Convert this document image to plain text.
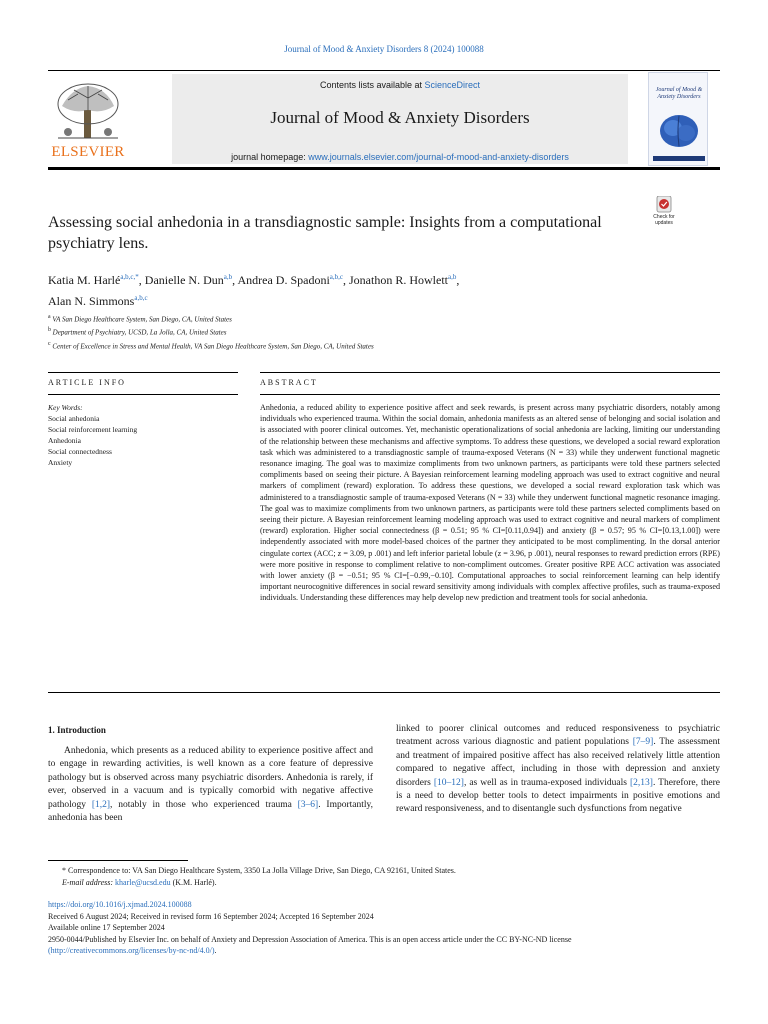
Journal of Mood & Anxiety Disorders 8 (2024) 100088
ELSEVIER
Contents lists available at ScienceDirect
Journal of Mood & Anxiety Disorders
journal homepage: www.journals.elsevier.com/journal-of-mood-and-anxiety-disorders
Journal of Mood & Anxiety Disorders
Assessing social anhedonia in a transdiagnostic sample: Insights from a computational psychiatry lens.
Check for updates
Katia M. Harlé$^{a,b,c,*}$, Danielle N. Dun$^{a,b}$, Andrea D. Spadoni$^{a,b,c}$, Jonathon R. Howlett$^{a,b}$,
Alan N. Simmons$^{a,b,c}$
$^a$ VA San Diego Healthcare System, San Diego, CA, United States
$^b$ Department of Psychiatry, UCSD, La Jolla, CA, United States
$^c$ Center of Excellence in Stress and Mental Health, VA San Diego Healthcare System, San Diego, CA, United States
ARTICLE INFO	ABSTRACT
Key Words:
Social anhedonia
Social reinforcement learning
Anhedonia
Social connectedness
Anxiety
Anhedonia, a reduced ability to experience positive affect and seek rewards, is present across many psychiatric disorders, notably among individuals who experienced trauma. Within the social domain, anhedonia manifests as an altered sense of belonging and social isolation and is associated with poorer clinical outcomes. Yet, mechanistic operationalizations of social anhedonia are lacking, limiting our understanding of the relationship between these mechanisms and affective symptoms. To address these questions, we developed a social reward exploration task which was administered to a transdiagnostic sample of trauma-exposed Veterans (N = 33) while they underwent functional magnetic resonance imaging. The goal was to maximize compliments from two unknown partners, as participants were told these partners selected compliments based on seeing their picture. A Bayesian reinforcement learning modeling approach was used to extract cognitive and neural markers of compliment (reward) exploration. To address these questions, we developed a social reward exploration task which was administered to a transdiagnostic sample of trauma-exposed Veterans (N = 33) while they underwent functional magnetic resonance imaging. The goal was to maximize compliments from two unknown partners, as participants were told these partners selected compliments based on seeing their picture. A Bayesian reinforcement learning modeling approach was used to extract cognitive and neural markers of compliment (reward) exploration. Higher social connectedness (β = 0.51; 95 % CI=[0.11,0.94]) and anxiety (β = 0.57; 95 % CI=[0.13,1.00]) were independently associated with more model-based choices of the partner they anticipated to be most complimenting. In the dorsal anterior cingulate cortex (ACC; z = 3.09, p .001) and left inferior parietal lobule (z = 3.96, p .001), neural responses to reward prediction errors (RPE) were more positive in response to compliment relative to non-compliment outcomes. Greater positive RPE ACC activation was associated with lower anxiety (β = −0.51; 95 % CI=[−0.99,−0.10]. Computational approaches to social reinforcement learning can help identify important neurocognitive differences in social reward sensitivity among individuals with complex affective profiles, such as trauma-exposed individuals. Understanding these differences may help develop new prediction and treatment tools for social anhedonia.
1. Introduction
Anhedonia, which presents as a reduced ability to experience positive affect and to engage in rewarding activities, is well known as a core feature of depressive pathology but is observed across many psychiatric disorders. Anhedonia is rarely, if ever, observed in a vacuum and is typically comorbid with negative affective pathology [1,2], notably in those who experienced trauma [3–6]. Importantly, anhedonia has been
linked to poorer clinical outcomes and reduced responsiveness to psychiatric treatment across various diagnostic and patient populations [7–9]. The assessment and treatment of impaired positive affect has also received relatively little attention compared to negative affect, including in those with depression and anxiety disorders [10–12], as well as in trauma-exposed individuals [2,13]. Therefore, there is a need to develop better tools to detect impairments in positive emotions and reward responsiveness, and to disentangle such dysfunctions from negative
* Correspondence to: VA San Diego Healthcare System, 3350 La Jolla Village Drive, San Diego, CA 92161, United States.
E-mail address: kharle@ucsd.edu (K.M. Harlé).
https://doi.org/10.1016/j.xjmad.2024.100088
Received 6 August 2024; Received in revised form 16 September 2024; Accepted 16 September 2024
Available online 17 September 2024
2950-0044/Published by Elsevier Inc. on behalf of Anxiety and Depression Association of America. This is an open access article under the CC BY-NC-ND license
(http://creativecommons.org/licenses/by-nc-nd/4.0/).
